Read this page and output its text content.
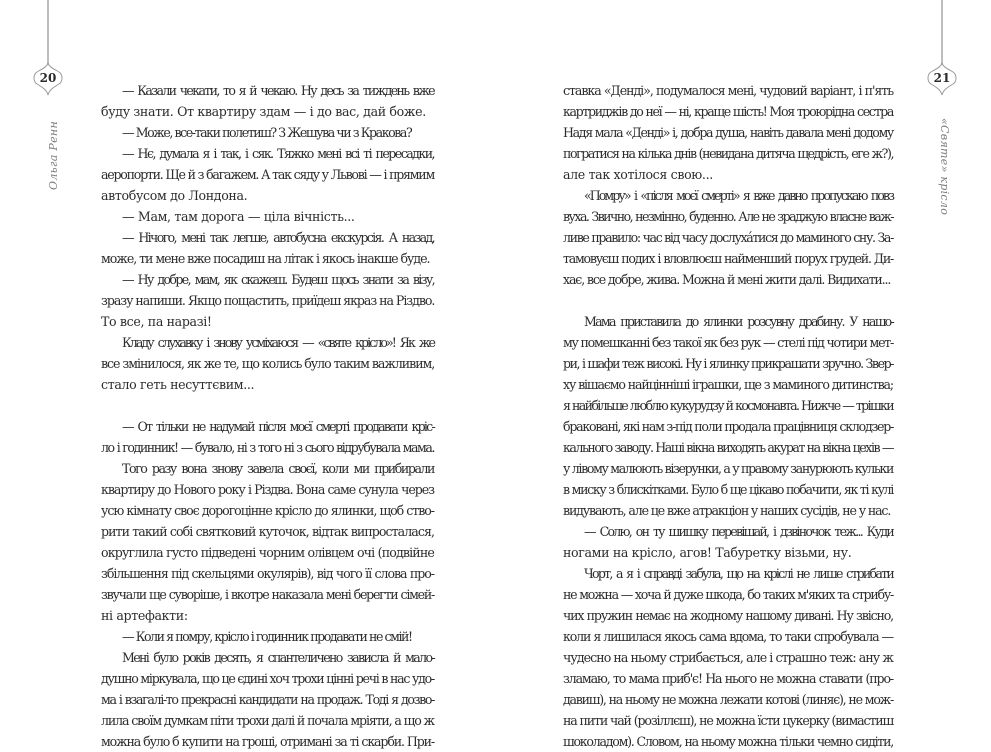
20
Ольга Ренн
— Казали чекати, то я й чекаю. Ну десь за тиждень вже
буду знати. От квартиру здам — і до вас, дай боже.
— Може, все-таки полетиш? З Жешува чи з Кракова?
— Нє, думала я і так, і сяк. Тяжко мені всі ті пересадки,
аеропорти. Ще й з багажем. А так сяду у Львові — і прямим
автобусом до Лондона.
— Мам, там дорога — ціла вічність...
— Нічого, мені так легше, автобусна екскурсія. А назад,
може, ти мене вже посадиш на літак і якось інакше буде.
— Ну добре, мам, як скажеш. Будеш щось знати за візу,
зразу напиши. Якщо пощастить, приїдеш якраз на Різдво.
То все, па наразі!
Кладу слухавку і знову усміхаюся — «святе крісло»! Як же
все змінилося, як же те, що колись було таким важливим,
стало геть несуттєвим...
— От тільки не надумай після моєї смерті продавати кріс-
ло і годинник! — бувало, ні з того ні з сього відрубувала мама.
Того разу вона знову завела своєї, коли ми прибирали
квартиру до Нового року і Різдва. Вона саме сунула через
усю кімнату своє дорогоцінне крісло до ялинки, щоб ство-
рити такий собі святковий куточок, відтак випросталася,
округлила густо підведені чорним олівцем очі (подвійне
збільшення під скельцями окулярів), від чого її слова про-
звучали ще суворіше, і вкотре наказала мені берегти сімей-
ні артефакти:
— Коли я помру, крісло і годинник продавати не смій!
Мені було років десять, я спантеличено зависла й мало-
душно міркувала, що це єдині хоч трохи цінні речі в нас удо-
ма і взагалі-то прекрасні кандидати на продаж. Тоді я дозво-
лила своїм думкам піти трохи далі й почала мріяти, а що ж
можна було б купити на гроші, отримані за ті скарби. При-
21
«Святе» крісло
ставка «Денді», подумалося мені, чудовий варіант, і п'ять
картриджів до неї — ні, краще шість! Моя троюрідна сестра
Надя мала «Денді» і, добра душа, навіть давала мені додому
погратися на кілька днів (невидана дитяча щедрість, еге ж?),
але так хотілося свою...
«Помру» і «після моєї смерті» я вже давно пропускаю повз
вуха. Звично, незмінно, буденно. Але не зраджую власне важ-
ливе правило: час від часу дослухáтися до маминого сну. За-
тамовуєш подих і вловлюєш найменший порух грудей. Ди-
хає, все добре, жива. Можна й мені жити далі. Видихати...
Мама приставила до ялинки розсувну драбину. У нашо-
му помешканні без такої як без рук — стелі під чотири мет-
ри, і шафи теж високі. Ну і ялинку прикрашати зручно. Звер-
ху вішаємо найцінніші іграшки, ще з маминого дитинства;
я найбільше люблю кукурудзу й космонавта. Нижче — трішки
браковані, які нам з-під поли продала працівниця склодзер-
кального заводу. Наші вікна виходять акурат на вікна цехів —
у лівому малюють візерунки, а у правому занурюють кульки
в миску з блискітками. Було б ще цікаво побачити, як ті кулі
видувають, але це вже атракціон у наших сусідів, не у нас.
— Солю, он ту шишку перевішай, і дзвіночок теж... Куди
ногами на крісло, агов! Табуретку візьми, ну.
Чорт, а я і справді забула, що на кріслі не лише стрибати
не можна — хоча й дуже шкода, бо таких м'яких та стрибу-
чих пружин немає на жодному нашому дивані. Ну звісно,
коли я лишилася якось сама вдома, то таки спробувала —
чудесно на ньому стрибається, але і страшно теж: ану ж
зламаю, то мама приб'є! На нього не можна ставати (про-
давиш), на ньому не можна лежати котові (линяє), не мож-
на пити чай (розіллєш), не можна їсти цукерку (вимастиш
шоколадом). Словом, на ньому можна тільки чемно сидіти,
